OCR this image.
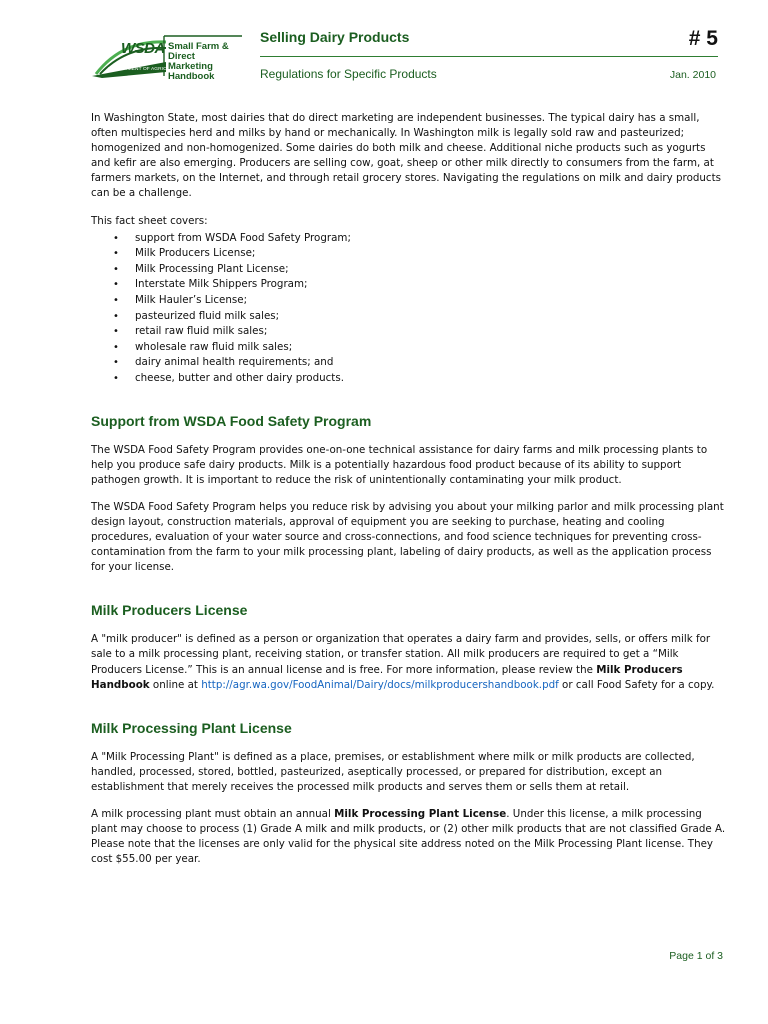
WSDA
DEPARTMENT OF AGRICULTURE
Small Farm &
Direct Marketing
Handbook
Selling Dairy Products	# 5
Regulations for Specific Products	Jan. 2010

In Washington State, most dairies that do direct marketing are independent businesses. The typical dairy has a small, often multispecies herd and milks by hand or mechanically. In Washington milk is legally sold raw and pasteurized; homogenized and non-homogenized. Some dairies do both milk and cheese. Additional niche products such as yogurts and kefir are also emerging. Producers are selling cow, goat, sheep or other milk directly to consumers from the farm, at farmers markets, on the Internet, and through retail grocery stores. Navigating the regulations on milk and dairy products can be a challenge.

This fact sheet covers:

• support from WSDA Food Safety Program;
• Milk Producers License;
• Milk Processing Plant License;
• Interstate Milk Shippers Program;
• Milk Hauler’s License;
• pasteurized fluid milk sales;
• retail raw fluid milk sales;
• wholesale raw fluid milk sales;
• dairy animal health requirements; and
• cheese, butter and other dairy products.
Support from WSDA Food Safety Program

The WSDA Food Safety Program provides one-on-one technical assistance for dairy farms and milk processing plants to help you produce safe dairy products. Milk is a potentially hazardous food product because of its ability to support pathogen growth. It is important to reduce the risk of unintentionally contaminating your milk product.

The WSDA Food Safety Program helps you reduce risk by advising you about your milking parlor and milk processing plant design layout, construction materials, approval of equipment you are seeking to purchase, heating and cooling procedures, evaluation of your water source and cross-connections, and food science techniques for preventing cross-contamination from the farm to your milk processing plant, labeling of dairy products, as well as the application process for your license.

Milk Producers License

A "milk producer" is defined as a person or organization that operates a dairy farm and provides, sells, or offers milk for sale to a milk processing plant, receiving station, or transfer station. All milk producers are required to get a “Milk Producers License.” This is an annual license and is free. For more information, please review the Milk Producers Handbook online at http://agr.wa.gov/FoodAnimal/Dairy/docs/milkproducershandbook.pdf or call Food Safety for a copy.

Milk Processing Plant License

A "Milk Processing Plant" is defined as a place, premises, or establishment where milk or milk products are collected, handled, processed, stored, bottled, pasteurized, aseptically processed, or prepared for distribution, except an establishment that merely receives the processed milk products and serves them or sells them at retail.

A milk processing plant must obtain an annual Milk Processing Plant License. Under this license, a milk processing plant may choose to process (1) Grade A milk and milk products, or (2) other milk products that are not classified Grade A. Please note that the licenses are only valid for the physical site address noted on the Milk Processing Plant license. They cost $55.00 per year.

Page 1 of 3
